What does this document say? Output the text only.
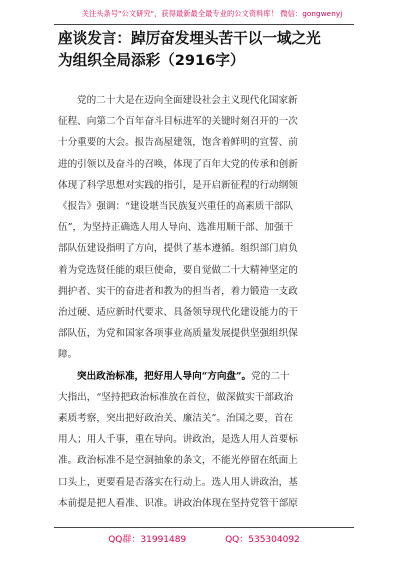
关注头条号"公文研究"，获得最新最全最专业的公文资料库！ 微信：gongwenyj
座谈发言：踔厉奋发埋头苦干以一域之光
为组织全局添彩（2916字）
党的二十大是在迈向全面建设社会主义现代化国家新
征程、向第二个百年奋斗目标进军的关键时刻召开的一次
十分重要的大会。报告高屋建瓴，饱含着鲜明的宣誓、前
进的引领以及奋斗的召唤，体现了百年大党的传承和创新
体现了科学思想对实践的指引，是开启新征程的行动纲领
《报告》强调：“建设堪当民族复兴重任的高素质干部队
伍”，为坚持正确选人用人导向、选准用顺干部、加强干
部队伍建设指明了方向，提供了基本遵循。组织部门肩负
着为党选贤任能的艰巨使命，要自觉做二十大精神坚定的
拥护者、实干的奋进者和教为的担当者，着力锻造一支政
治过硬、适应新时代要求、具备领导现代化建设能力的干
部队伍，为党和国家各项事业高质量发展提供坚强组织保
障。
突出政治标准，把好用人导向“方向盘”。党的二十
大指出，“坚持把政治标准放在首位，做深做实干部政治
素质考察，突出把好政治关、廉洁关”。治国之要，首在
用人；用人千事，重在导向。讲政治，是选人用人首要标
准。政治标准不是空洞抽象的条文，不能光停留在纸面上
口头上，更要看是否落实在行动上。选人用人讲政治，基
本前提是把人看准、识准。讲政治体现在坚持党管干部原
QQ群：31991489	QQ：535304092
